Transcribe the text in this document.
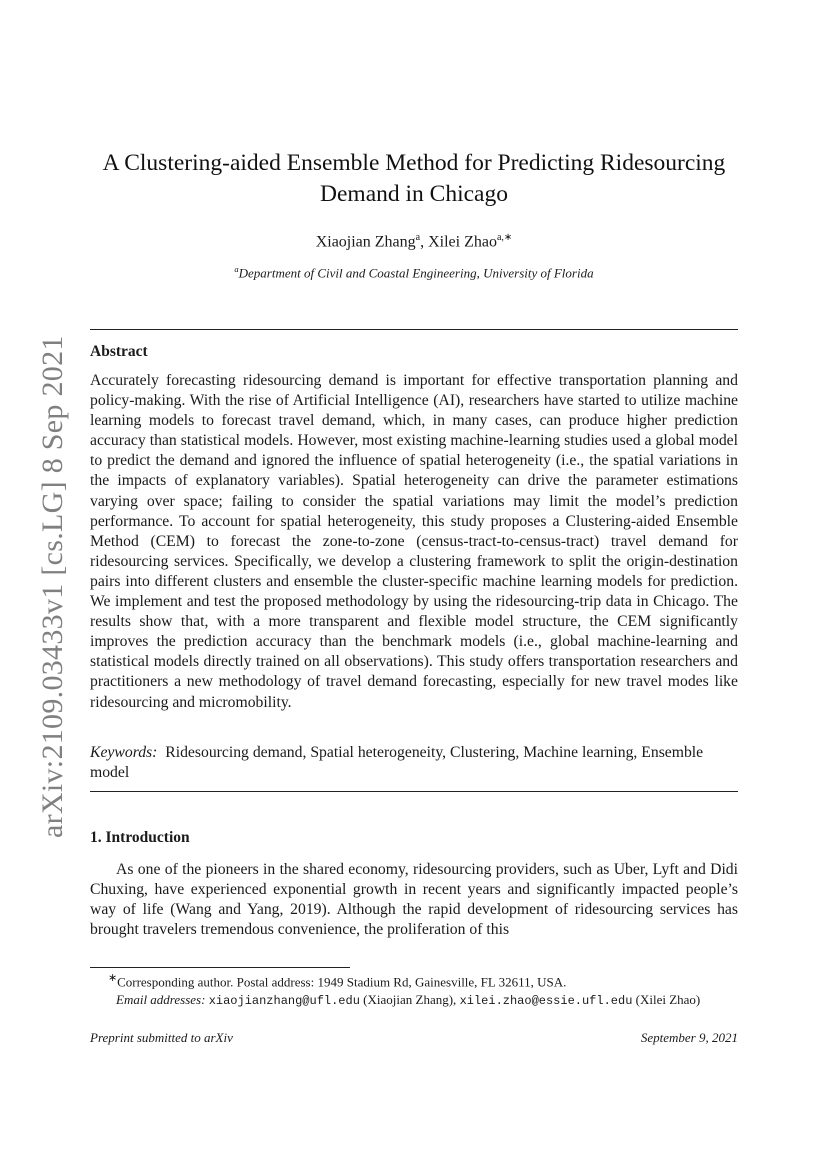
arXiv:2109.03433v1 [cs.LG] 8 Sep 2021
A Clustering-aided Ensemble Method for Predicting Ridesourcing Demand in Chicago
Xiaojian Zhang$^a$, Xilei Zhao$^{a,∗}$
$^a$Department of Civil and Coastal Engineering, University of Florida
Abstract
Accurately forecasting ridesourcing demand is important for effective transportation planning and policy-making. With the rise of Artificial Intelligence (AI), researchers have started to utilize machine learning models to forecast travel demand, which, in many cases, can produce higher prediction accuracy than statistical models. However, most existing machine-learning studies used a global model to predict the demand and ignored the influence of spatial heterogeneity (i.e., the spatial variations in the impacts of explanatory variables). Spatial heterogeneity can drive the parameter estimations varying over space; failing to consider the spatial variations may limit the model’s prediction performance. To account for spatial heterogeneity, this study proposes a Clustering-aided Ensemble Method (CEM) to forecast the zone-to-zone (census-tract-to-census-tract) travel demand for ridesourcing services. Specifically, we develop a clustering framework to split the origin-destination pairs into different clusters and ensemble the cluster-specific machine learning models for prediction. We implement and test the proposed methodology by using the ridesourcing-trip data in Chicago. The results show that, with a more transparent and flexible model structure, the CEM significantly improves the prediction accuracy than the benchmark models (i.e., global machine-learning and statistical models directly trained on all observations). This study offers transportation researchers and practitioners a new methodology of travel demand forecasting, especially for new travel modes like ridesourcing and micromobility.
Keywords: Ridesourcing demand, Spatial heterogeneity, Clustering, Machine learning, Ensemble model
1. Introduction
As one of the pioneers in the shared economy, ridesourcing providers, such as Uber, Lyft and Didi Chuxing, have experienced exponential growth in recent years and significantly impacted people’s way of life (Wang and Yang, 2019). Although the rapid development of ridesourcing services has brought travelers tremendous convenience, the proliferation of this
∗Corresponding author. Postal address: 1949 Stadium Rd, Gainesville, FL 32611, USA.
Email addresses: xiaojianzhang@ufl.edu (Xiaojian Zhang), xilei.zhao@essie.ufl.edu (Xilei Zhao)
Preprint submitted to arXiv	September 9, 2021
